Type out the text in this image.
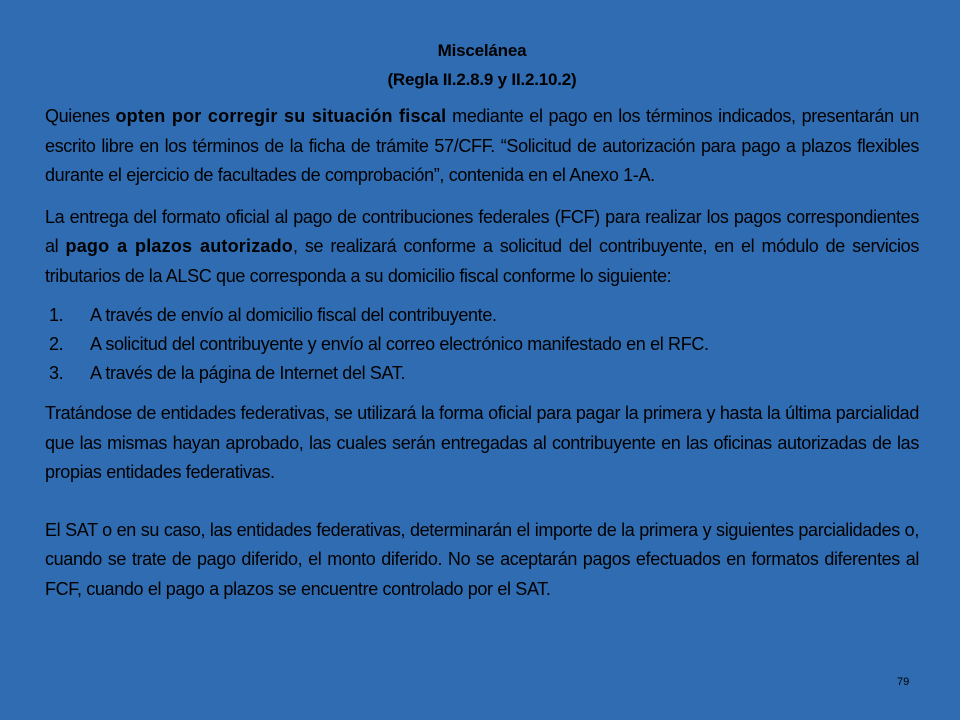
Miscelánea
(Regla II.2.8.9 y II.2.10.2)

Quienes opten por corregir su situación fiscal mediante el pago en los términos indicados, presentarán un escrito libre en los términos de la ficha de trámite 57/CFF. “Solicitud de autorización para pago a plazos flexibles durante el ejercicio de facultades de comprobación”, contenida en el Anexo 1-A.

La entrega del formato oficial al pago de contribuciones federales (FCF) para realizar los pagos correspondientes al pago a plazos autorizado, se realizará conforme a solicitud del contribuyente, en el módulo de servicios tributarios de la ALSC que corresponda a su domicilio fiscal conforme lo siguiente:

1.	A través de envío al domicilio fiscal del contribuyente.
2.	A solicitud del contribuyente y envío al correo electrónico manifestado en el RFC.
3.	A través de la página de Internet del SAT.

Tratándose de entidades federativas, se utilizará la forma oficial para pagar la primera y hasta la última parcialidad que las mismas hayan aprobado, las cuales serán entregadas al contribuyente en las oficinas autorizadas de las propias entidades federativas.

El SAT o en su caso, las entidades federativas, determinarán el importe de la primera y siguientes parcialidades o, cuando se trate de pago diferido, el monto diferido. No se aceptarán pagos efectuados en formatos diferentes al FCF, cuando el pago a plazos se encuentre controlado por el SAT.

79
